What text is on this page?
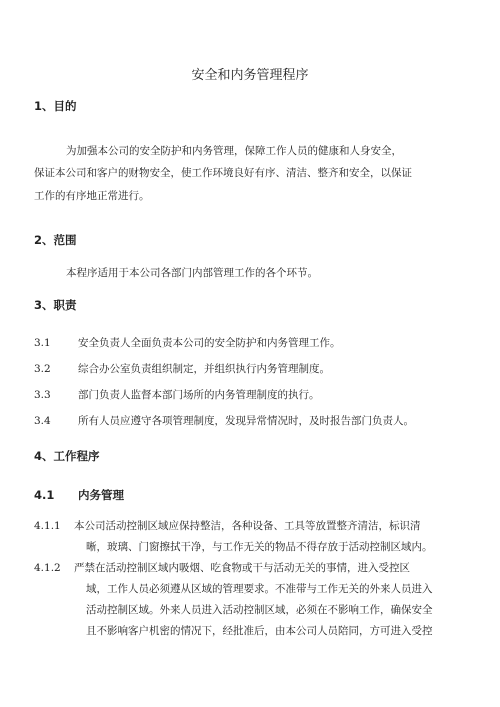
安全和内务管理程序
1、目的
为加强本公司的安全防护和内务管理，保障工作人员的健康和人身安全，
保证本公司和客户的财物安全，使工作环境良好有序、清洁、整齐和安全，以保证
工作的有序地正常进行。
2、范围
本程序适用于本公司各部门内部管理工作的各个环节。
3、职责
3.1	安全负责人全面负责本公司的安全防护和内务管理工作。
3.2	综合办公室负责组织制定，并组织执行内务管理制度。
3.3	部门负责人监督本部门场所的内务管理制度的执行。
3.4	所有人员应遵守各项管理制度，发现异常情况时，及时报告部门负责人。
4、工作程序
4.1 内务管理
4.1.1 本公司活动控制区域应保持整洁，各种设备、工具等放置整齐清洁，标识清
晰，玻璃、门窗擦拭干净，与工作无关的物品不得存放于活动控制区域内。
4.1.2 严禁在活动控制区域内吸烟、吃食物或干与活动无关的事情，进入受控区
域，工作人员必须遵从区域的管理要求。不准带与工作无关的外来人员进入
活动控制区域。外来人员进入活动控制区域，必须在不影响工作，确保安全
且不影响客户机密的情况下，经批准后，由本公司人员陪同，方可进入受控
